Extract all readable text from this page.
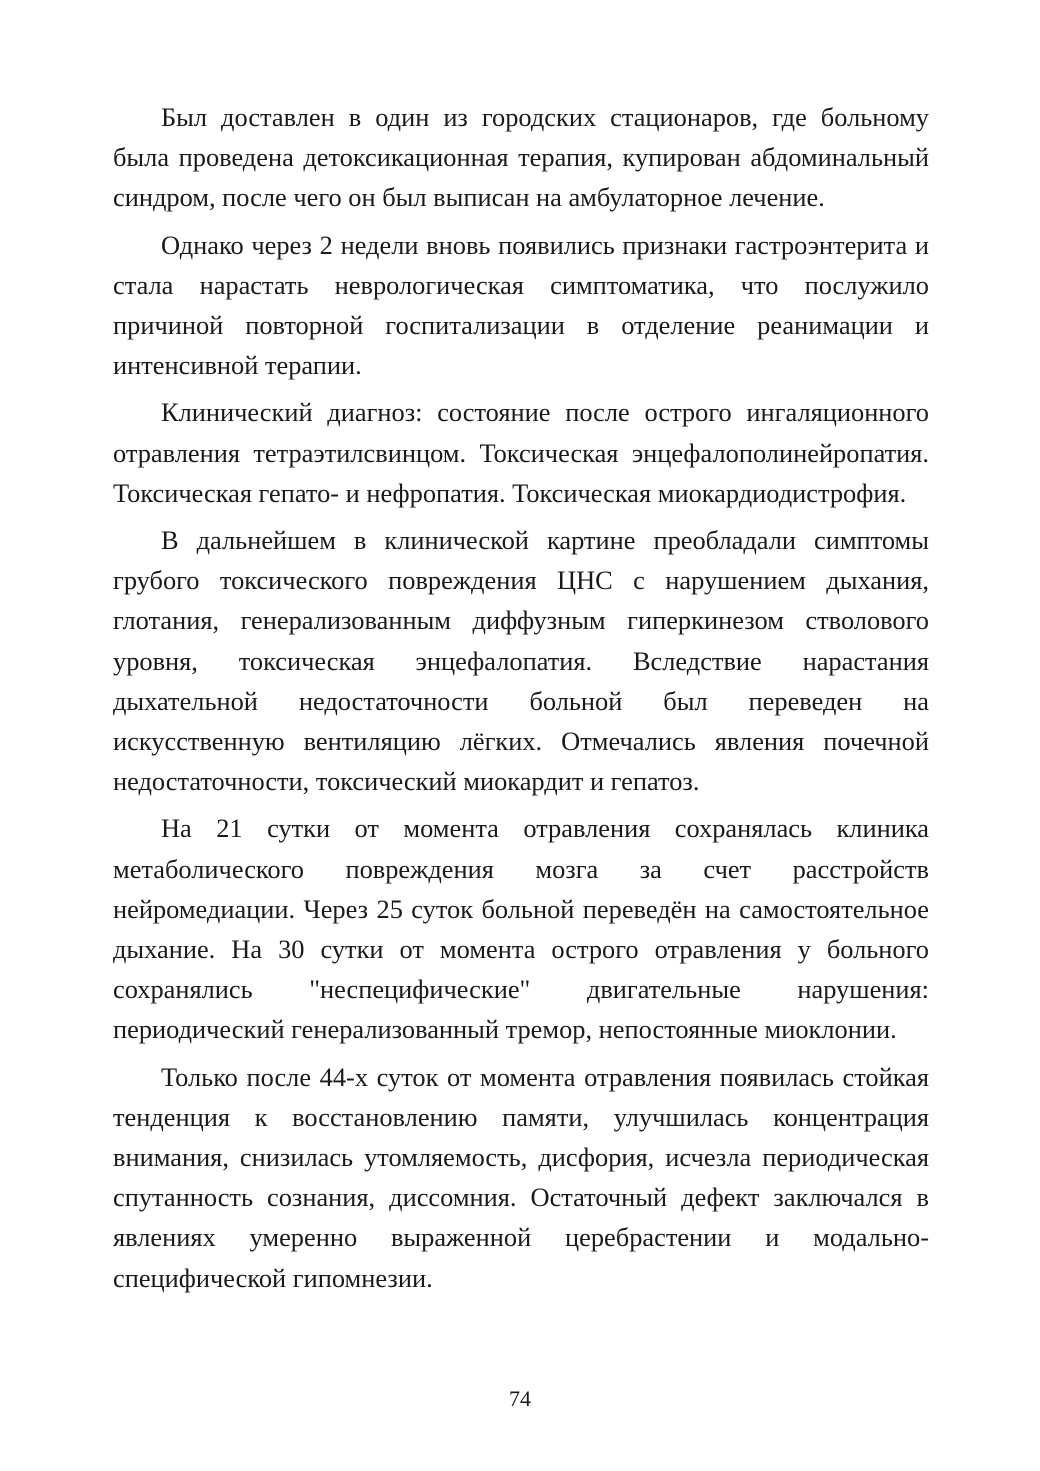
Был доставлен в один из городских стационаров, где больному была проведена детоксикационная терапия, купирован абдоминальный синдром, после чего он был выписан на амбулаторное лечение.

Однако через 2 недели вновь появились признаки гастроэнтерита и стала нарастать неврологическая симптоматика, что послужило причиной повторной госпитализации в отделение реанимации и интенсивной терапии.

Клинический диагноз: состояние после острого ингаляционного отравления тетраэтилсвинцом. Токсическая энцефалополинейропатия. Токсическая гепато- и нефропатия. Токсическая миокардиодистрофия.

В дальнейшем в клинической картине преобладали симптомы грубого токсического повреждения ЦНС с нарушением дыхания, глотания, генерализованным диффузным гиперкинезом стволового уровня, токсическая энцефалопатия. Вследствие нарастания дыхательной недостаточности больной был переведен на искусственную вентиляцию лёгких. Отмечались явления почечной недостаточности, токсический миокардит и гепатоз.

На 21 сутки от момента отравления сохранялась клиника метаболического повреждения мозга за счет расстройств нейромедиации. Через 25 суток больной переведён на самостоятельное дыхание. На 30 сутки от момента острого отравления у больного сохранялись "неспецифические" двигательные нарушения: периодический генерализованный тремор, непостоянные миоклонии.

Только после 44-х суток от момента отравления появилась стойкая тенденция к восстановлению памяти, улучшилась концентрация внимания, снизилась утомляемость, дисфория, исчезла периодическая спутанность сознания, диссомния. Остаточный дефект заключался в явлениях умеренно выраженной церебрастении и модально-специфической гипомнезии.

74
